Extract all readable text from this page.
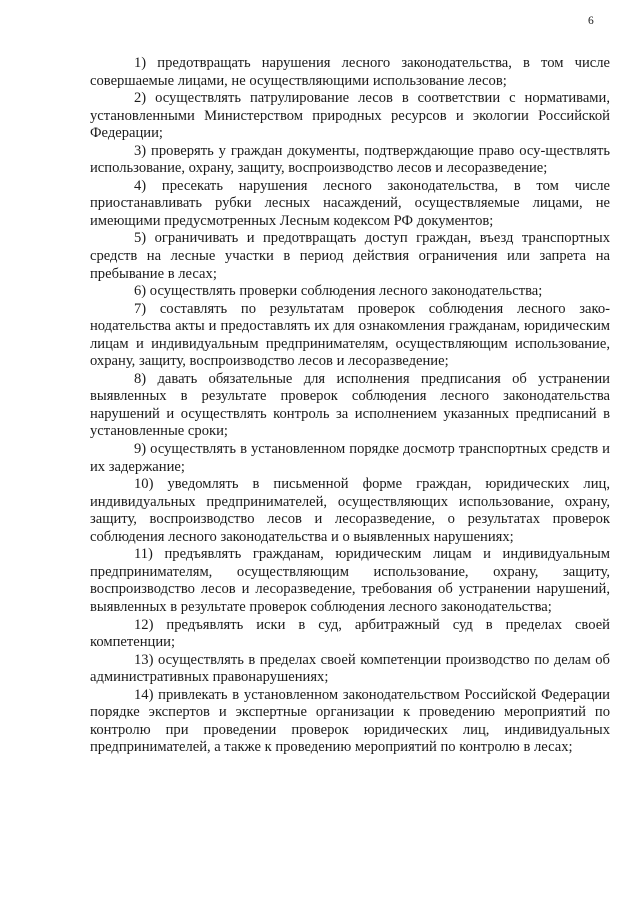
6

1) предотвращать нарушения лесного законодательства, в том числе совершаемые лицами, не осуществляющими использование лесов;

2) осуществлять патрулирование лесов в соответствии с нормативами, установленными Министерством природных ресурсов и экологии Российской Федерации;

3) проверять у граждан документы, подтверждающие право осу-ществлять использование, охрану, защиту, воспроизводство лесов и лесоразведение;

4) пресекать нарушения лесного законодательства, в том числе приостанавливать рубки лесных насаждений, осуществляемые лицами, не имеющими предусмотренных Лесным кодексом РФ документов;

5) ограничивать и предотвращать доступ граждан, въезд транспортных средств на лесные участки в период действия ограничения или запрета на пребывание в лесах;

6) осуществлять проверки соблюдения лесного законодательства;

7) составлять по результатам проверок соблюдения лесного зако-нодательства акты и предоставлять их для ознакомления гражданам, юридическим лицам и индивидуальным предпринимателям, осуществляющим использование, охрану, защиту, воспроизводство лесов и лесоразведение;

8) давать обязательные для исполнения предписания об устранении выявленных в результате проверок соблюдения лесного законодательства нарушений и осуществлять контроль за исполнением указанных предписаний в установленные сроки;

9) осуществлять в установленном порядке досмотр транспортных средств и их задержание;

10) уведомлять в письменной форме граждан, юридических лиц, индивидуальных предпринимателей, осуществляющих использование, охрану, защиту, воспроизводство лесов и лесоразведение, о результатах проверок соблюдения лесного законодательства и о выявленных нарушениях;

11) предъявлять гражданам, юридическим лицам и индивидуальным предпринимателям, осуществляющим использование, охрану, защиту, воспроизводство лесов и лесоразведение, требования об устранении нарушений, выявленных в результате проверок соблюдения лесного законодательства;

12) предъявлять иски в суд, арбитражный суд в пределах своей компетенции;

13) осуществлять в пределах своей компетенции производство по делам об административных правонарушениях;

14) привлекать в установленном законодательством Российской Федерации порядке экспертов и экспертные организации к проведению мероприятий по контролю при проведении проверок юридических лиц, индивидуальных предпринимателей, а также к проведению мероприятий по контролю в лесах;
